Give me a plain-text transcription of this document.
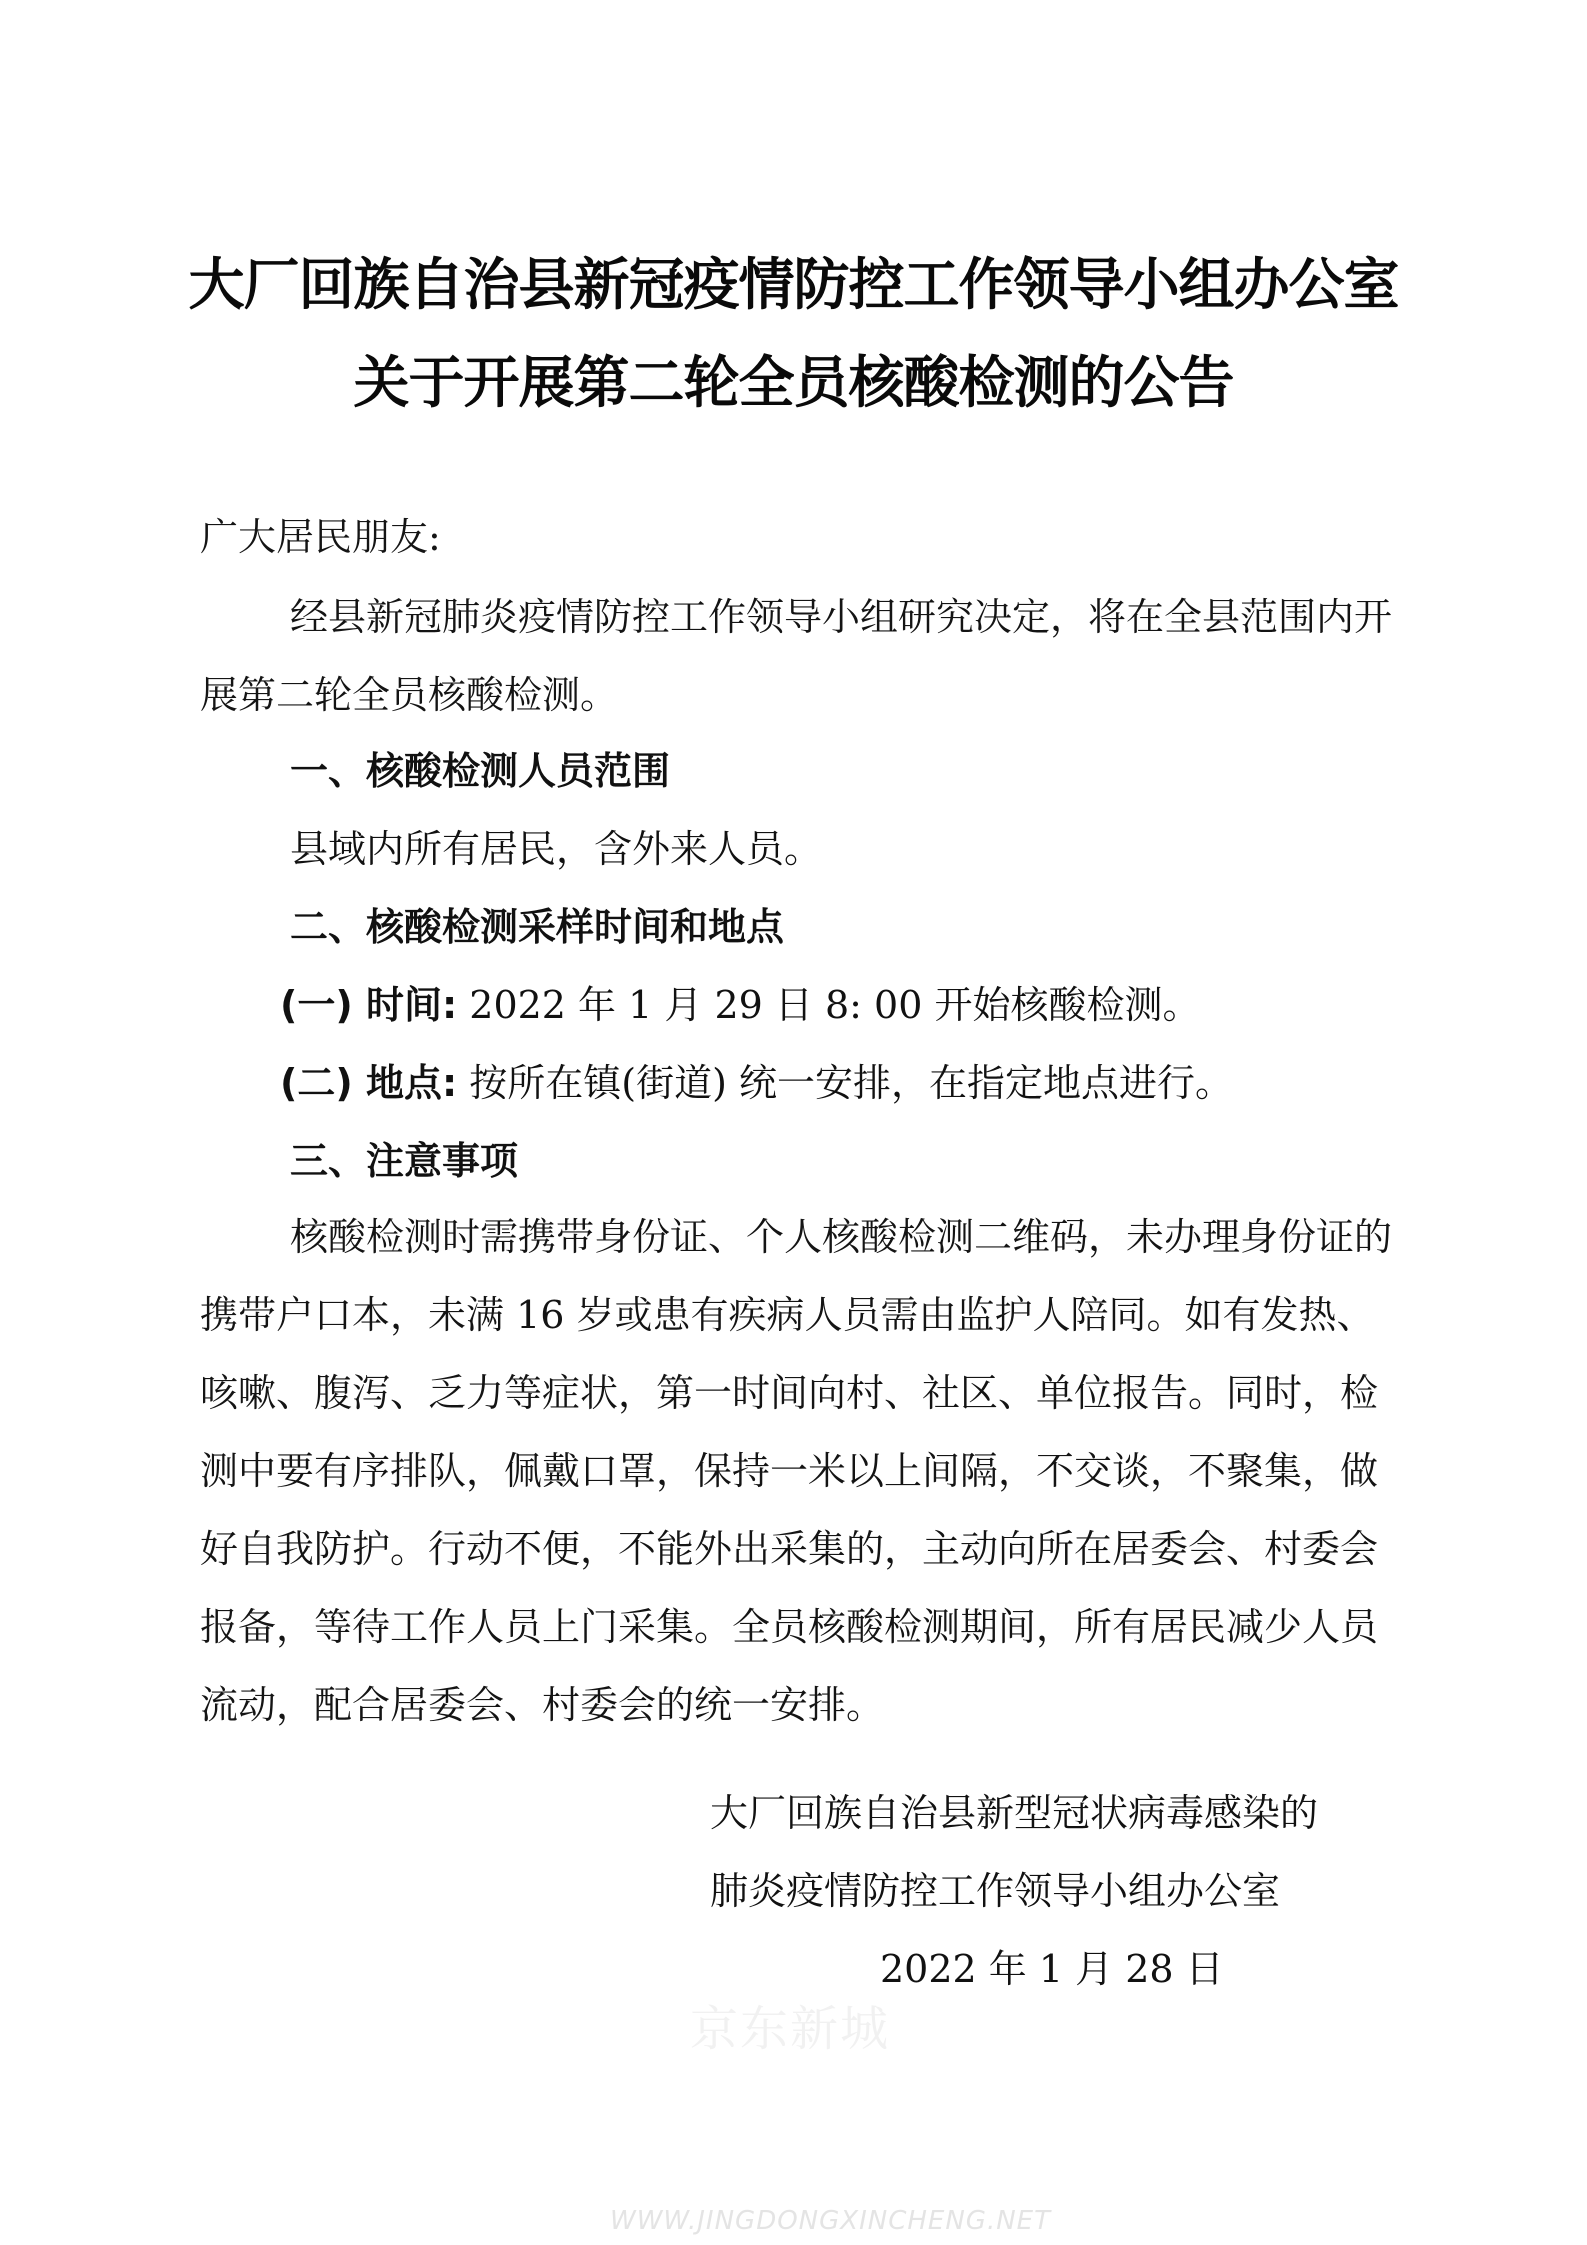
大厂回族自治县新冠疫情防控工作领导小组办公室
关于开展第二轮全员核酸检测的公告
广大居民朋友:

经县新冠肺炎疫情防控工作领导小组研究决定，将在全县范围内开展第二轮全员核酸检测。

一、核酸检测人员范围
县域内所有居民，含外来人员。
二、核酸检测采样时间和地点
(一) 时间: 2022 年 1 月 29 日 8: 00 开始核酸检测。
(二) 地点: 按所在镇(街道) 统一安排，在指定地点进行。
三、注意事项

核酸检测时需携带身份证、个人核酸检测二维码，未办理身份证的携带户口本，未满 16 岁或患有疾病人员需由监护人陪同。如有发热、咳嗽、腹泻、乏力等症状，第一时间向村、社区、单位报告。同时，检测中要有序排队，佩戴口罩，保持一米以上间隔，不交谈，不聚集，做好自我防护。行动不便，不能外出采集的，主动向所在居委会、村委会报备，等待工作人员上门采集。全员核酸检测期间，所有居民减少人员流动，配合居委会、村委会的统一安排。

大厂回族自治县新型冠状病毒感染的
肺炎疫情防控工作领导小组办公室
2022 年 1 月 28 日
京东新城
WWW.JINGDONGXINCHENG.NET
